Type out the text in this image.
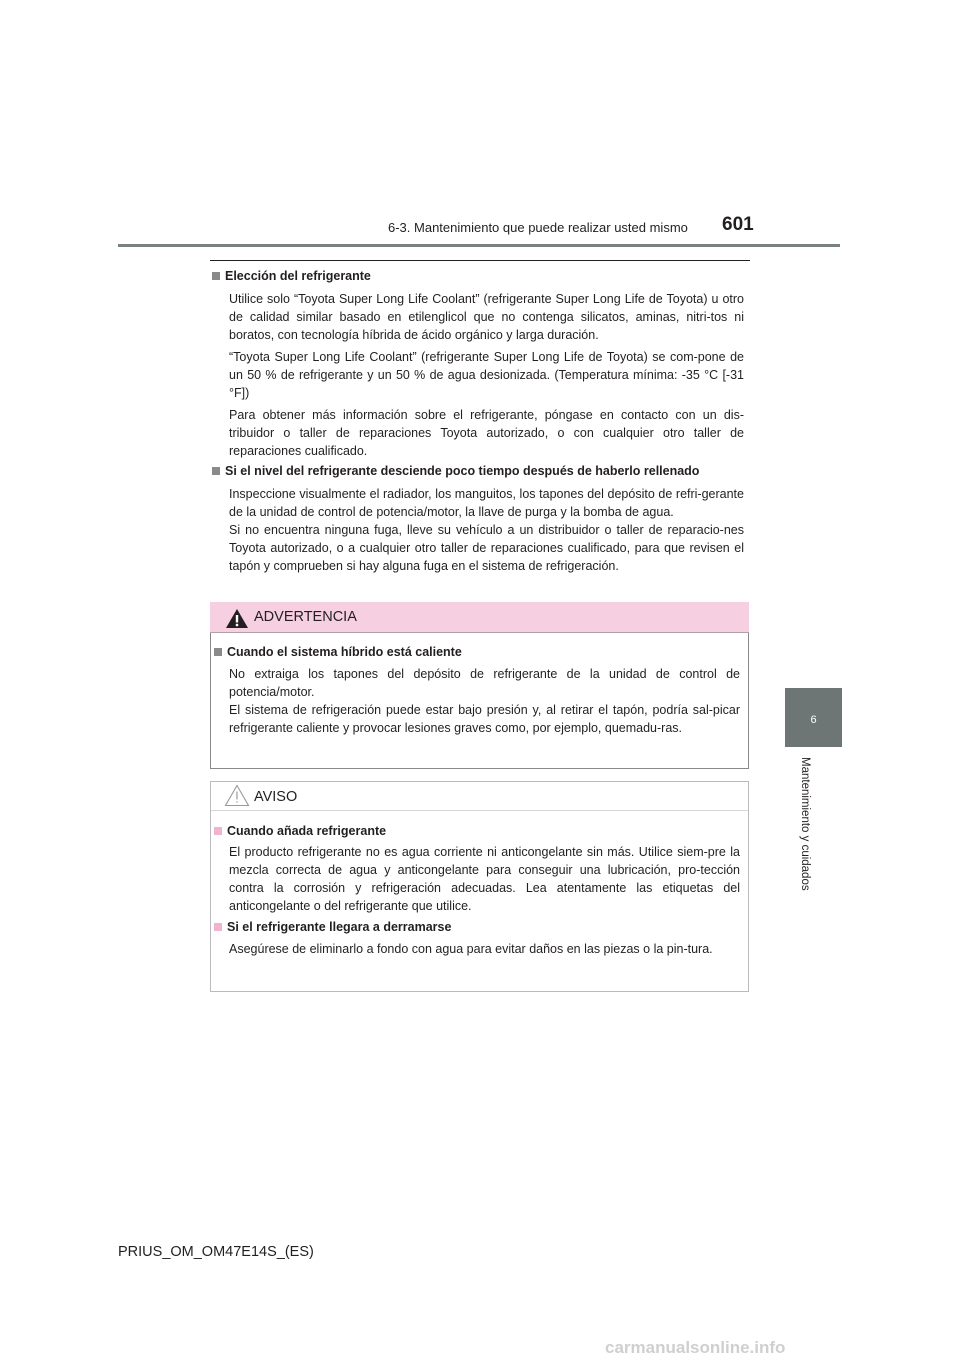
6-3. Mantenimiento que puede realizar usted mismo 601
6
Mantenimiento y cuidados
Elección del refrigerante
Utilice solo “Toyota Super Long Life Coolant” (refrigerante Super Long Life de Toyota) u otro de calidad similar basado en etilenglicol que no contenga silicatos, aminas, nitri-tos ni boratos, con tecnología híbrida de ácido orgánico y larga duración.
“Toyota Super Long Life Coolant” (refrigerante Super Long Life de Toyota) se com-pone de un 50 % de refrigerante y un 50 % de agua desionizada. (Temperatura mínima: -35 °C [-31 °F])
Para obtener más información sobre el refrigerante, póngase en contacto con un dis-tribuidor o taller de reparaciones Toyota autorizado, o con cualquier otro taller de reparaciones cualificado.
Si el nivel del refrigerante desciende poco tiempo después de haberlo rellenado
Inspeccione visualmente el radiador, los manguitos, los tapones del depósito de refri-gerante de la unidad de control de potencia/motor, la llave de purga y la bomba de agua.
Si no encuentra ninguna fuga, lleve su vehículo a un distribuidor o taller de reparacio-nes Toyota autorizado, o a cualquier otro taller de reparaciones cualificado, para que revisen el tapón y comprueben si hay alguna fuga en el sistema de refrigeración.
ADVERTENCIA
Cuando el sistema híbrido está caliente
No extraiga los tapones del depósito de refrigerante de la unidad de control de potencia/motor.
El sistema de refrigeración puede estar bajo presión y, al retirar el tapón, podría sal-picar refrigerante caliente y provocar lesiones graves como, por ejemplo, quemadu-ras.
AVISO
Cuando añada refrigerante
El producto refrigerante no es agua corriente ni anticongelante sin más. Utilice siem-pre la mezcla correcta de agua y anticongelante para conseguir una lubricación, pro-tección contra la corrosión y refrigeración adecuadas. Lea atentamente las etiquetas del anticongelante o del refrigerante que utilice.
Si el refrigerante llegara a derramarse
Asegúrese de eliminarlo a fondo con agua para evitar daños en las piezas o la pin-tura.
PRIUS_OM_OM47E14S_(ES)
carmanualsonline.info
